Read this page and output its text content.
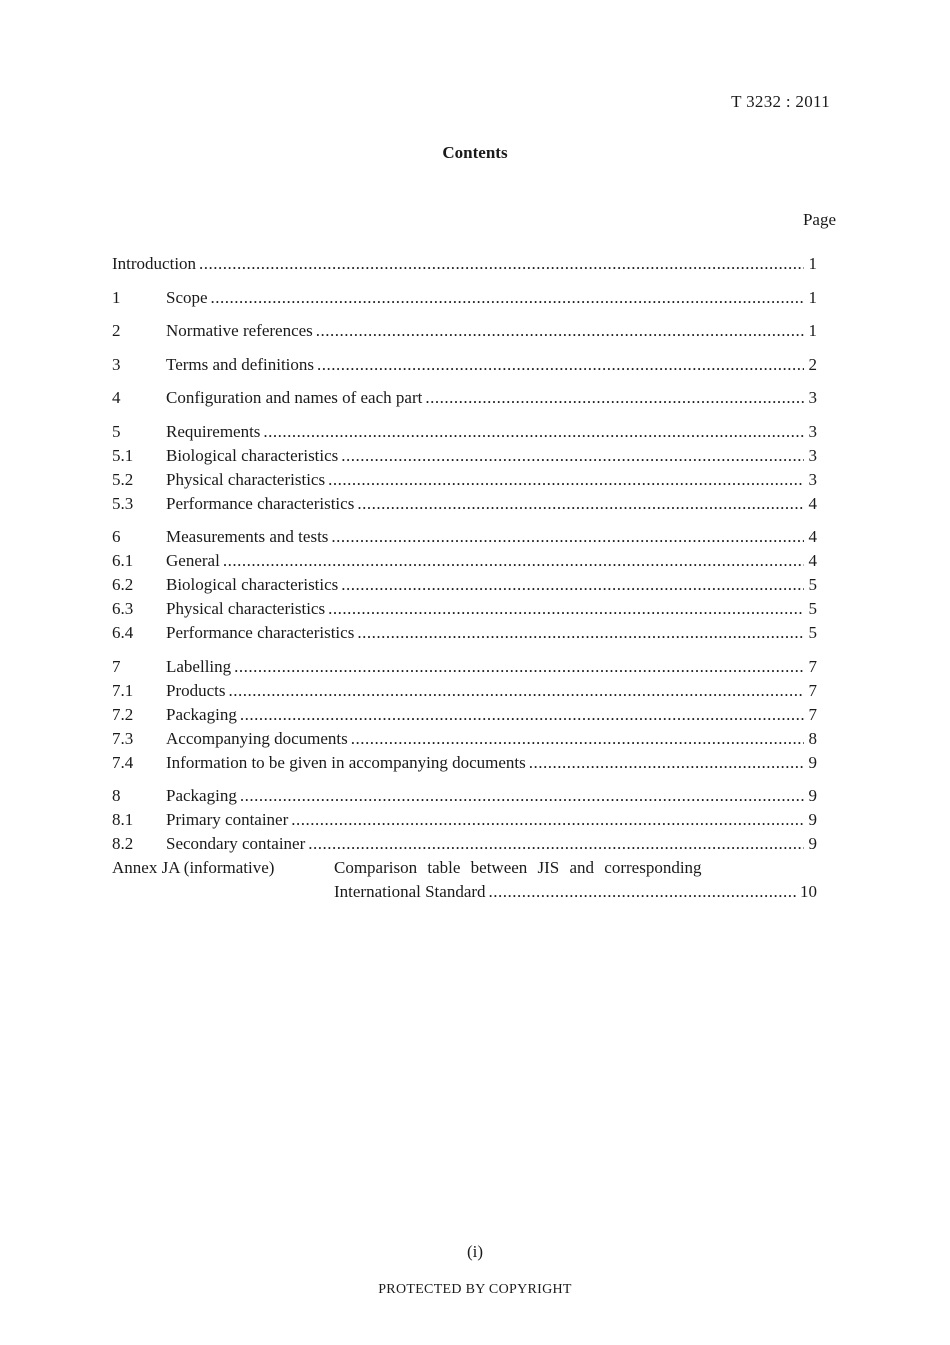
T 3232 : 2011
Contents
Page
Introduction .....	1
1	Scope .....	1
2	Normative references .....	1
3	Terms and definitions .....	2
4	Configuration and names of each part .....	3
5	Requirements .....	3
5.1	Biological characteristics .....	3
5.2	Physical characteristics .....	3
5.3	Performance characteristics .....	4
6	Measurements and tests .....	4
6.1	General .....	4
6.2	Biological characteristics .....	5
6.3	Physical characteristics .....	5
6.4	Performance characteristics .....	5
7	Labelling .....	7
7.1	Products .....	7
7.2	Packaging .....	7
7.3	Accompanying documents .....	8
7.4	Information to be given in accompanying documents .....	9
8	Packaging .....	9
8.1	Primary container .....	9
8.2	Secondary container .....	9
Annex JA (informative)	Comparison table between JIS and corresponding
International Standard .....	10
(i)
PROTECTED BY COPYRIGHT
